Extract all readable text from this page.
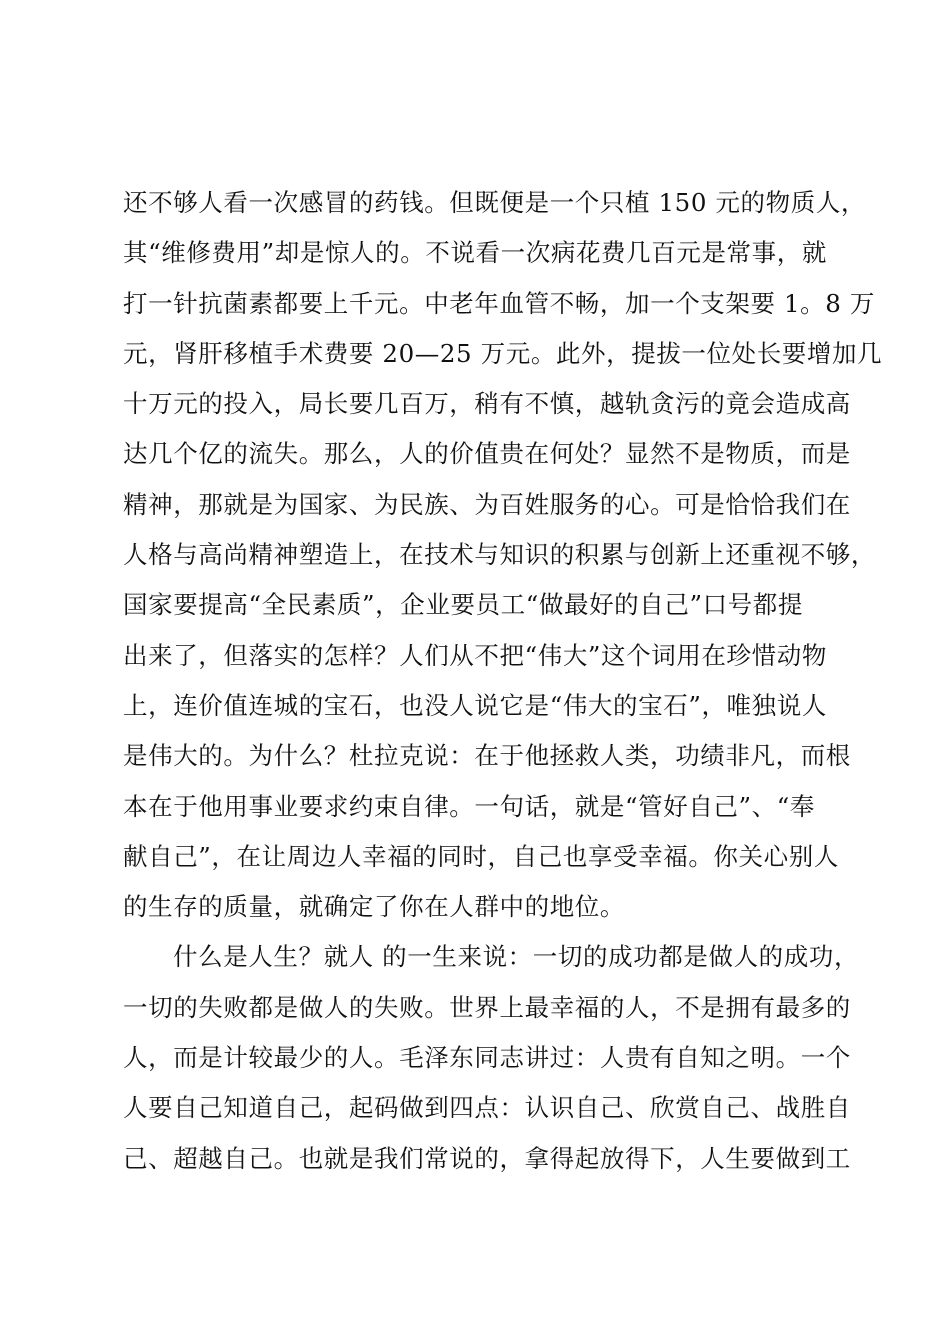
还不够人看一次感冒的药钱。但既便是一个只植 150 元的物质人，
其“维修费用”却是惊人的。不说看一次病花费几百元是常事，就
打一针抗菌素都要上千元。中老年血管不畅，加一个支架要 1。8 万
元，肾肝移植手术费要 20—25 万元。此外，提拔一位处长要增加几
十万元的投入，局长要几百万，稍有不慎，越轨贪污的竟会造成高
达几个亿的流失。那么，人的价值贵在何处？显然不是物质，而是
精神，那就是为国家、为民族、为百姓服务的心。可是恰恰我们在
人格与高尚精神塑造上，在技术与知识的积累与创新上还重视不够，
国家要提高“全民素质”，企业要员工“做最好的自己”口号都提
出来了，但落实的怎样？人们从不把“伟大”这个词用在珍惜动物
上，连价值连城的宝石，也没人说它是“伟大的宝石”，唯独说人
是伟大的。为什么？杜拉克说：在于他拯救人类，功绩非凡，而根
本在于他用事业要求约束自律。一句话，就是“管好自己”、“奉
献自己”，在让周边人幸福的同时，自己也享受幸福。你关心别人
的生存的质量，就确定了你在人群中的地位。
什么是人生？就人 的一生来说：一切的成功都是做人的成功，
一切的失败都是做人的失败。世界上最幸福的人，不是拥有最多的
人，而是计较最少的人。毛泽东同志讲过：人贵有自知之明。一个
人要自己知道自己，起码做到四点：认识自己、欣赏自己、战胜自
己、超越自己。也就是我们常说的，拿得起放得下，人生要做到工
